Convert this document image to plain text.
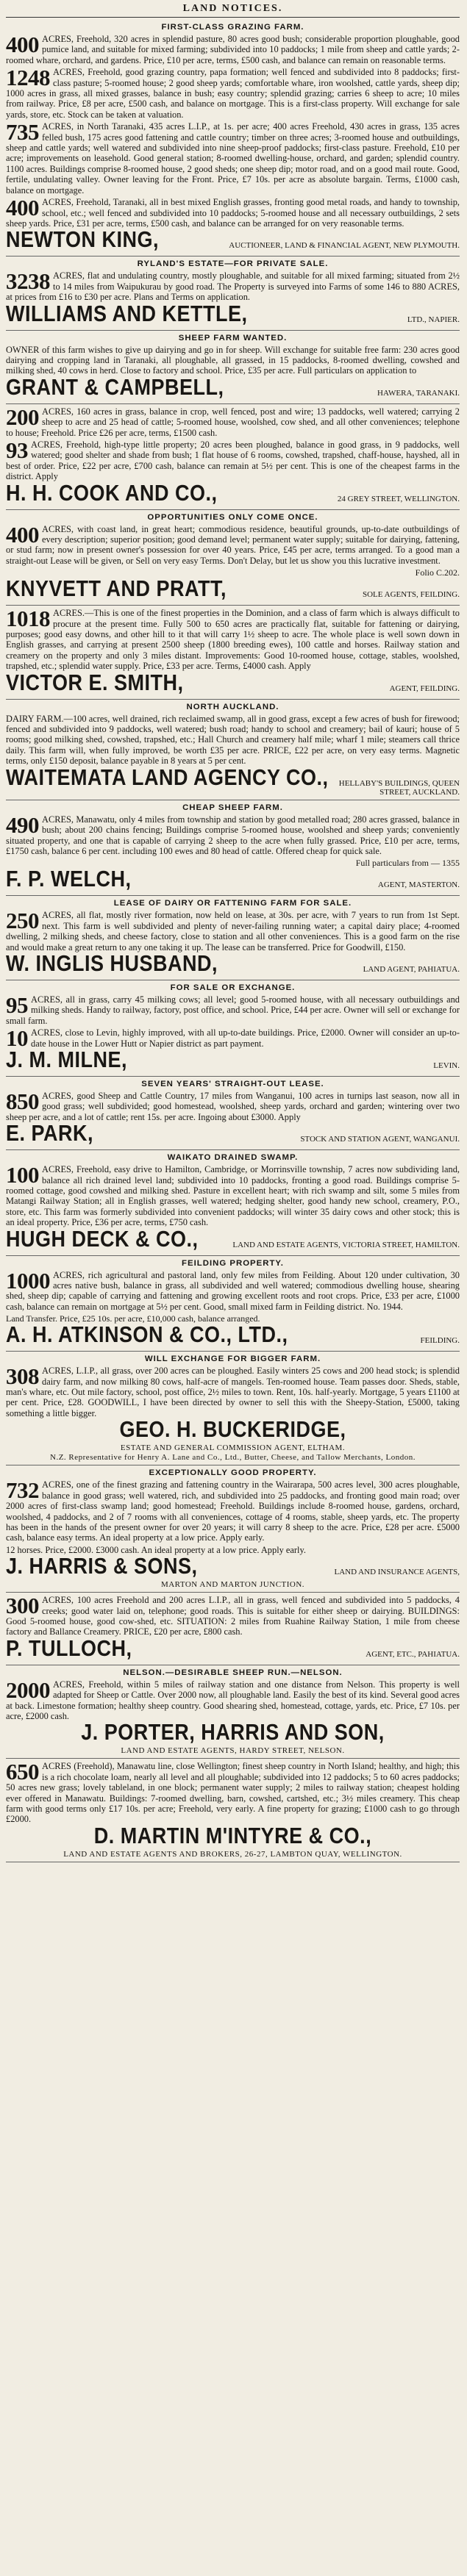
LAND NOTICES.
FIRST-CLASS GRAZING FARM.
400 ACRES, Freehold, 320 acres in splendid pasture, 80 acres good bush; considerable proportion ploughable, good pumice land, and suitable for mixed farming; subdivided into 10 paddocks; 1 mile from sheep and cattle yards; 2-roomed whare, orchard, and gardens. Price, £10 per acre, terms, £500 cash, and balance can remain on reasonable terms.
1248 ACRES, Freehold, good grazing country, papa formation; well fenced and subdivided into 8 paddocks; first-class pasture; 5-roomed house; 2 good sheep yards; comfortable whare, iron woolshed, cattle yards, sheep dip; 1000 acres in grass, all mixed grasses, balance in bush; easy country; splendid grazing; carries 6 sheep to acre; 10 miles from railway. Price, £8 per acre, £500 cash, and balance on mortgage. This is a first-class property. Will exchange for sale yards, store, etc. Stock can be taken at valuation.
735 ACRES, in North Taranaki, 435 acres L.I.P., at 1s. per acre; 400 acres Freehold, 430 acres in grass, 135 acres felled bush, 175 acres good fattening and cattle country; timber on three acres; 3-roomed house and outbuildings, sheep and cattle yards; well watered and subdivided into nine sheep-proof paddocks; first-class pasture. Freehold, £10 per acre; improvements on leasehold. Good general station; 8-roomed dwelling-house, orchard, and garden; splendid country. 1100 acres. Buildings comprise 8-roomed house, 2 good sheds; one sheep dip; motor road, and on a good mail route. Good, fertile, undulating valley. Owner leaving for the Front. Price, £7 10s. per acre as absolute bargain. Terms, £1000 cash, balance on mortgage.
400 ACRES, Freehold, Taranaki, all in best mixed English grasses, fronting good metal roads, and handy to township, school, etc.; well fenced and subdivided into 10 paddocks; 5-roomed house and all necessary outbuildings, 2 sets sheep yards. Price, £31 per acre, terms, £500 cash, and balance can be arranged for on very reasonable terms.
NEWTON KING,	AUCTIONEER, LAND & FINANCIAL AGENT, NEW PLYMOUTH.
RYLAND'S ESTATE—FOR PRIVATE SALE.
3238 ACRES, flat and undulating country, mostly ploughable, and suitable for all mixed farming; situated from 2½ to 14 miles from Waipukurau by good road. The Property is surveyed into Farms of some 146 to 880 ACRES, at prices from £16 to £30 per acre. Plans and Terms on application.
WILLIAMS AND KETTLE,	LTD., NAPIER.
SHEEP FARM WANTED.
OWNER of this farm wishes to give up dairying and go in for sheep. Will exchange for suitable free farm: 230 acres good dairying and cropping land in Taranaki, all ploughable, all grassed, in 15 paddocks, 8-roomed dwelling, cowshed and milking shed, 40 cows in herd. Close to factory and school. Price, £35 per acre. Full particulars on application to
GRANT & CAMPBELL,	HAWERA, TARANAKI.
200 ACRES, 160 acres in grass, balance in crop, well fenced, post and wire; 13 paddocks, well watered; carrying 2 sheep to acre and 25 head of cattle; 5-roomed house, woolshed, cow shed, and all other conveniences; telephone to house; Freehold. Price £26 per acre, terms, £1500 cash.
93 ACRES, Freehold, high-type little property; 20 acres been ploughed, balance in good grass, in 9 paddocks, well watered; good shelter and shade from bush; 1 flat house of 6 rooms, cowshed, trapshed, chaff-house, hayshed, all in best of order. Price, £22 per acre, £700 cash, balance can remain at 5½ per cent. This is one of the cheapest farms in the district. Apply
H. H. COOK AND CO.,	24 GREY STREET, WELLINGTON.
OPPORTUNITIES ONLY COME ONCE.
400 ACRES, with coast land, in great heart; commodious residence, beautiful grounds, up-to-date outbuildings of every description; superior position; good demand level; permanent water supply; suitable for dairying, fattening, or stud farm; now in present owner's possession for over 40 years. Price, £45 per acre, terms arranged. To a good man a straight-out Lease will be given, or Sell on very easy Terms. Don't Delay, but let us show you this lucrative investment.
Folio C.202.
KNYVETT AND PRATT,	SOLE AGENTS, FEILDING.
1018 ACRES.—This is one of the finest properties in the Dominion, and a class of farm which is always difficult to procure at the present time. Fully 500 to 650 acres are practically flat, suitable for fattening or dairying, purposes; good easy downs, and other hill to it that will carry 1½ sheep to acre. The whole place is well sown down in English grasses, and carrying at present 2500 sheep (1800 breeding ewes), 100 cattle and horses. Railway station and creamery on the property and only 3 miles distant. Improvements: Good 10-roomed house, cottage, stables, woolshed, trapshed, etc.; splendid water supply. Price, £33 per acre. Terms, £4000 cash. Apply
VICTOR E. SMITH,	AGENT, FEILDING.
NORTH AUCKLAND.
DAIRY FARM.—100 acres, well drained, rich reclaimed swamp, all in good grass, except a few acres of bush for firewood; fenced and subdivided into 9 paddocks, well watered; bush road; handy to school and creamery; bail of kauri; house of 5 rooms; good milking shed, cowshed, trapshed, etc.; Hall Church and creamery half mile; wharf 1 mile; steamers call thrice daily. This farm will, when fully improved, be worth £35 per acre. PRICE, £22 per acre, on very easy terms. Magnetic terms, only £150 deposit, balance payable in 8 years at 5 per cent.
WAITEMATA LAND AGENCY CO.,	HELLABY'S BUILDINGS, QUEEN STREET, AUCKLAND.
CHEAP SHEEP FARM.
490 ACRES, Manawatu, only 4 miles from township and station by good metalled road; 280 acres grassed, balance in bush; about 200 chains fencing; Buildings comprise 5-roomed house, woolshed and sheep yards; conveniently situated property, and one that is capable of carrying 2 sheep to the acre when fully grassed. Price, £10 per acre, terms, £1750 cash, balance 6 per cent. including 100 ewes and 80 head of cattle. Offered cheap for quick sale.
Full particulars from — 1355
F. P. WELCH,	AGENT, MASTERTON.
LEASE OF DAIRY OR FATTENING FARM FOR SALE.
250 ACRES, all flat, mostly river formation, now held on lease, at 30s. per acre, with 7 years to run from 1st Sept. next. This farm is well subdivided and plenty of never-failing running water; a capital dairy place; 4-roomed dwelling, 2 milking sheds, and cheese factory, close to station and all other conveniences. This is a good farm on the rise and would make a great return to any one taking it up. The lease can be transferred. Price for Goodwill, £150.
W. INGLIS HUSBAND,	LAND AGENT, PAHIATUA.
FOR SALE OR EXCHANGE.
95 ACRES, all in grass, carry 45 milking cows; all level; good 5-roomed house, with all necessary outbuildings and milking sheds. Handy to railway, factory, post office, and school. Price, £44 per acre. Owner will sell or exchange for small farm.
10 ACRES, close to Levin, highly improved, with all up-to-date buildings. Price, £2000. Owner will consider an up-to-date house in the Lower Hutt or Napier district as part payment.
J. M. MILNE,	LEVIN.
SEVEN YEARS' STRAIGHT-OUT LEASE.
850 ACRES, good Sheep and Cattle Country, 17 miles from Wanganui, 100 acres in turnips last season, now all in good grass; well subdivided; good homestead, woolshed, sheep yards, orchard and garden; wintering over two sheep per acre, and a lot of cattle; rent 15s. per acre. Ingoing about £3000. Apply
E. PARK,	STOCK AND STATION AGENT, WANGANUI.
WAIKATO DRAINED SWAMP.
100 ACRES, Freehold, easy drive to Hamilton, Cambridge, or Morrinsville township, 7 acres now subdividing land, balance all rich drained level land; subdivided into 10 paddocks, fronting a good road. Buildings comprise 5-roomed cottage, good cowshed and milking shed. Pasture in excellent heart; with rich swamp and silt, some 5 miles from Matangi Railway Station; all in English grasses, well watered; hedging shelter, good handy new school, creamery, P.O., store, etc. This farm was formerly subdivided into convenient paddocks; will winter 35 dairy cows and other stock; this is an ideal property. Price, £36 per acre, terms, £750 cash.
HUGH DECK & CO.,	LAND AND ESTATE AGENTS, VICTORIA STREET, HAMILTON.
FEILDING PROPERTY.
1000 ACRES, rich agricultural and pastoral land, only few miles from Feilding. About 120 under cultivation, 30 acres native bush, balance in grass, all subdivided and well watered; commodious dwelling house, shearing shed, sheep dip; capable of carrying and fattening and growing excellent roots and root crops. Price, £33 per acre, £1000 cash, balance can remain on mortgage at 5½ per cent. Good, small mixed farm in Feilding district. No. 1944.
Land Transfer. Price, £25 10s. per acre, £10,000 cash, balance arranged.
A. H. ATKINSON & CO., LTD.,	FEILDING.
WILL EXCHANGE FOR BIGGER FARM.
308 ACRES, L.I.P., all grass, over 200 acres can be ploughed. Easily winters 25 cows and 200 head stock; is splendid dairy farm, and now milking 80 cows, half-acre of mangels. Ten-roomed house. Team passes door. Sheds, stable, man's whare, etc. Out mile factory, school, post office, 2½ miles to town. Rent, 10s. half-yearly. Mortgage, 5 years £1100 at per cent. Price, £28. GOODWILL, I have been directed by owner to sell this with the Sheepy-Station, £5000, taking something a little bigger.
GEO. H. BUCKERIDGE,
ESTATE AND GENERAL COMMISSION AGENT, ELTHAM.
N.Z. Representative for Henry A. Lane and Co., Ltd., Butter, Cheese, and Tallow Merchants, London.
EXCEPTIONALLY GOOD PROPERTY.
732 ACRES, one of the finest grazing and fattening country in the Wairarapa, 500 acres level, 300 acres ploughable, balance in good grass; well watered, rich, and subdivided into 25 paddocks, and fronting good main road; over 2000 acres of first-class swamp land; good homestead; Freehold. Buildings include 8-roomed house, gardens, orchard, woolshed, 4 paddocks, and 2 of 7 rooms with all conveniences, cottage of 4 rooms, stable, sheep yards, etc. The property has been in the hands of the present owner for over 20 years; it will carry 8 sheep to the acre. Price, £28 per acre. £5000 cash, balance easy terms. An ideal property at a low price. Apply early.
12 horses. Price, £2000. £3000 cash. An ideal property at a low price. Apply early.
J. HARRIS & SONS,	LAND AND INSURANCE AGENTS,
MARTON AND MARTON JUNCTION.
300 ACRES, 100 acres Freehold and 200 acres L.I.P., all in grass, well fenced and subdivided into 5 paddocks, 4 creeks; good water laid on, telephone; good roads. This is suitable for either sheep or dairying. BUILDINGS: Good 5-roomed house, good cow-shed, etc. SITUATION: 2 miles from Ruahine Railway Station, 1 mile from cheese factory and Ballance Creamery. PRICE, £20 per acre, £800 cash.
P. TULLOCH,	AGENT, ETC., PAHIATUA.
NELSON.—DESIRABLE SHEEP RUN.—NELSON.
2000 ACRES, Freehold, within 5 miles of railway station and one distance from Nelson. This property is well adapted for Sheep or Cattle. Over 2000 now, all ploughable land. Easily the best of its kind. Several good acres at back. Limestone formation; healthy sheep country. Good shearing shed, homestead, cottage, yards, etc. Price, £7 10s. per acre, £2000 cash.
J. PORTER, HARRIS AND SON,
LAND AND ESTATE AGENTS, HARDY STREET, NELSON.
650 ACRES (Freehold), Manawatu line, close Wellington; finest sheep country in North Island; healthy, and high; this is a rich chocolate loam, nearly all level and all ploughable; subdivided into 12 paddocks; 5 to 60 acres paddocks; 50 acres new grass; lovely tableland, in one block; permanent water supply; 2 miles to railway station; cheapest holding ever offered in Manawatu. Buildings: 7-roomed dwelling, barn, cowshed, cartshed, etc.; 3½ miles creamery. This cheap farm with good terms only £17 10s. per acre; Freehold, very early. A fine property for grazing; £1000 cash to go through £2000.
D. MARTIN M'INTYRE & CO.,
LAND AND ESTATE AGENTS AND BROKERS, 26-27, LAMBTON QUAY, WELLINGTON.
